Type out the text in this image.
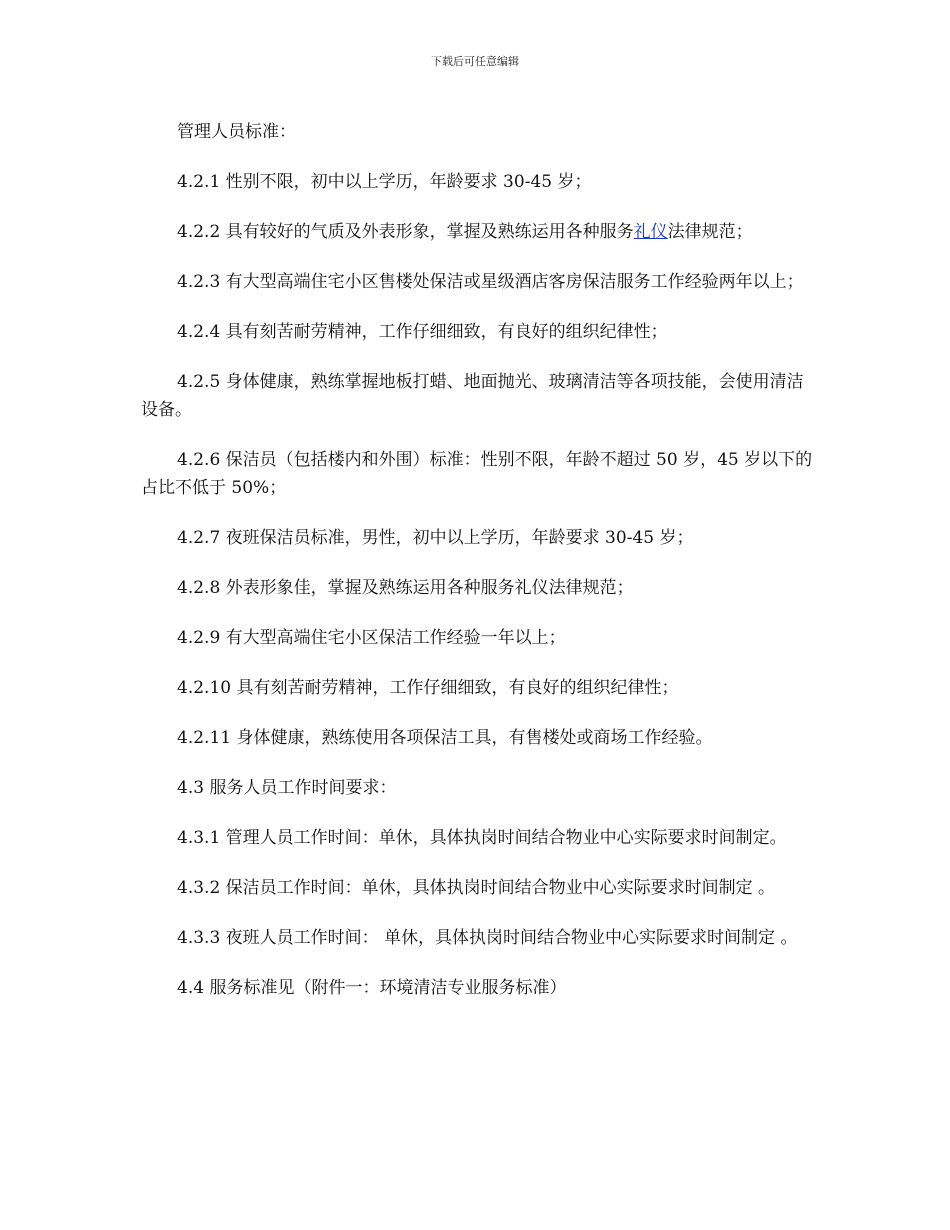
下载后可任意编辑

管理人员标准：

4.2.1 性别不限，初中以上学历，年龄要求 30-45 岁；

4.2.2 具有较好的气质及外表形象，掌握及熟练运用各种服务礼仪法律规范；

4.2.3 有大型高端住宅小区售楼处保洁或星级酒店客房保洁服务工作经验两年以上；

4.2.4 具有刻苦耐劳精神，工作仔细细致，有良好的组织纪律性；

4.2.5 身体健康，熟练掌握地板打蜡、地面抛光、玻璃清洁等各项技能，会使用清洁设备。

4.2.6 保洁员（包括楼内和外围）标准：性别不限，年龄不超过 50 岁，45 岁以下的占比不低于 50%；

4.2.7 夜班保洁员标准，男性，初中以上学历，年龄要求 30-45 岁；

4.2.8 外表形象佳，掌握及熟练运用各种服务礼仪法律规范；

4.2.9 有大型高端住宅小区保洁工作经验一年以上；

4.2.10 具有刻苦耐劳精神，工作仔细细致，有良好的组织纪律性；

4.2.11 身体健康，熟练使用各项保洁工具，有售楼处或商场工作经验。

4.3 服务人员工作时间要求：

4.3.1 管理人员工作时间：单休，具体执岗时间结合物业中心实际要求时间制定。

4.3.2 保洁员工作时间：单休，具体执岗时间结合物业中心实际要求时间制定 。

4.3.3 夜班人员工作时间： 单休，具体执岗时间结合物业中心实际要求时间制定 。

4.4 服务标准见（附件一：环境清洁专业服务标准）
